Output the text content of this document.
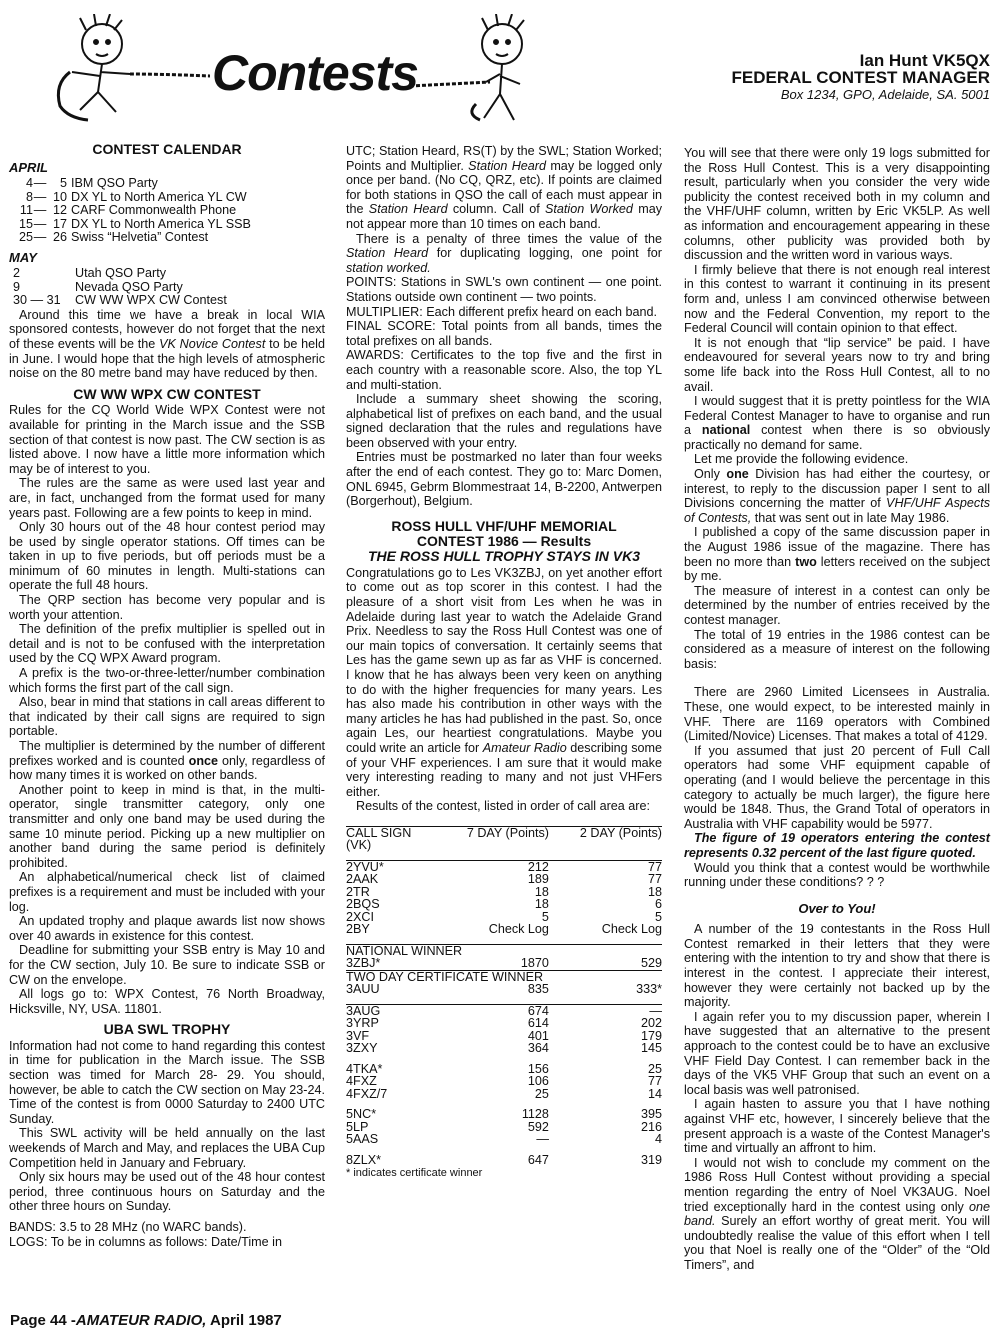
Contests	Ian Hunt VK5QX
FEDERAL CONTEST MANAGER
Box 1234, GPO, Adelaide, SA. 5001
CONTEST CALENDAR
APRIL
4 —	5 IBM QSO Party
8 — 10 DX YL to North America YL CW
11 — 12 CARF Commonwealth Phone
15 — 17 DX YL to North America YL SSB
25 — 26 Swiss “Helvetia” Contest
MAY
2	Utah QSO Party
9	Nevada QSO Party
30 — 31	CW WW WPX CW Contest

Around this time we have a break in local WIA sponsored contests, however do not forget that the next of these events will be the VK Novice Contest to be held in June. I would hope that the high levels of atmospheric noise on the 80 metre band may have reduced by then.

CW WW WPX CW CONTEST

Rules for the CQ World Wide WPX Contest were not available for printing in the March issue and the SSB section of that contest is now past. The CW section is as listed above. I now have a little more information which may be of interest to you.

The rules are the same as were used last year and are, in fact, unchanged from the format used for many years past. Following are a few points to keep in mind.

Only 30 hours out of the 48 hour contest period may be used by single operator stations. Off times can be taken in up to five periods, but off periods must be a minimum of 60 minutes in length. Multi-stations can operate the full 48 hours.

The QRP section has become very popular and is worth your attention.

The definition of the prefix multiplier is spelled out in detail and is not to be confused with the interpretation used by the CQ WPX Award program.

A prefix is the two-or-three-letter/number combination which forms the first part of the call sign.

Also, bear in mind that stations in call areas different to that indicated by their call signs are required to sign portable.

The multiplier is determined by the number of different prefixes worked and is counted once only, regardless of how many times it is worked on other bands.

Another point to keep in mind is that, in the multi-operator, single transmitter category, only one transmitter and only one band may be used during the same 10 minute period. Picking up a new multiplier on another band during the same period is definitely prohibited.

An alphabetical/numerical check list of claimed prefixes is a requirement and must be included with your log.

An updated trophy and plaque awards list now shows over 40 awards in existence for this contest.

Deadline for submitting your SSB entry is May 10 and for the CW section, July 10. Be sure to indicate SSB or CW on the envelope.

All logs go to: WPX Contest, 76 North Broadway, Hicksville, NY, USA. 11801.

UBA SWL TROPHY

Information had not come to hand regarding this contest in time for publication in the March issue. The SSB section was timed for March 28- 29. You should, however, be able to catch the CW section on May 23-24. Time of the contest is from 0000 Saturday to 2400 UTC Sunday.

This SWL activity will be held annually on the last weekends of March and May, and replaces the UBA Cup Competition held in January and February.

Only six hours may be used out of the 48 hour contest period, three continuous hours on Saturday and the other three hours on Sunday.

BANDS: 3.5 to 28 MHz (no WARC bands).

LOGS: To be in columns as follows: Date/Time in

UTC; Station Heard, RS(T) by the SWL; Station Worked; Points and Multiplier. Station Heard may be logged only once per band. (No CQ, QRZ, etc). If points are claimed for both stations in QSO the call of each must appear in the Station Heard column. Call of Station Worked may not appear more than 10 times on each band.

There is a penalty of three times the value of the Station Heard for duplicating logging, one point for station worked.

POINTS: Stations in SWL's own continent — one point. Stations outside own continent — two points.

MULTIPLIER: Each different prefix heard on each band.

FINAL SCORE: Total points from all bands, times the total prefixes on all bands.

AWARDS: Certificates to the top five and the first in each country with a reasonable score. Also, the top YL and multi-station.

Include a summary sheet showing the scoring, alphabetical list of prefixes on each band, and the usual signed declaration that the rules and regulations have been observed with your entry.

Entries must be postmarked no later than four weeks after the end of each contest. They go to: Marc Domen, ONL 6945, Gebrm Blommestraat 14, B-2200, Antwerpen (Borgerhout), Belgium.

ROSS HULL VHF/UHF MEMORIAL
CONTEST 1986 — Results
THE ROSS HULL TROPHY STAYS IN VK3

Congratulations go to Les VK3ZBJ, on yet another effort to come out as top scorer in this contest. I had the pleasure of a short visit from Les when he was in Adelaide during last year to watch the Adelaide Grand Prix. Needless to say the Ross Hull Contest was one of our main topics of conversation. It certainly seems that Les has the game sewn up as far as VHF is concerned. I know that he has always been very keen on anything to do with the higher frequencies for many years. Les has also made his contribution in other ways with the many articles he has had published in the past. So, once again Les, our heartiest congratulations. Maybe you could write an article for Amateur Radio describing some of your VHF experiences. I am sure that it would make very interesting reading to many and not just VHFers either.

Results of the contest, listed in order of call area are:

CALL SIGN
(VK)	7 DAY (Points)	2 DAY (Points)

2YVU*	212	77
2AAK	189	77
2TR	18	18
2BQS	18	6
2XCI	5	5
2BY	Check Log	Check Log

NATIONAL WINNER		
3ZBJ*	1870	529
TWO DAY CERTIFICATE WINNER		
3AUU	835	333*

3AUG	674	—
3YRP	614	202
3VF	401	179
3ZXY	364	145

4TKA*	156	25
4FXZ	106	77
4FXZ/7	25	14

5NC*	1128	395
5LP	592	216
5AAS	—	4

8ZLX*	647	319
* indicates certificate winner

You will see that there were only 19 logs submitted for the Ross Hull Contest. This is a very disappointing result, particularly when you consider the very wide publicity the contest received both in my column and the VHF/UHF column, written by Eric VK5LP. As well as information and encouragement appearing in these columns, other publicity was provided both by discussion and the written word in various ways.

I firmly believe that there is not enough real interest in this contest to warrant it continuing in its present form and, unless I am convinced otherwise between now and the Federal Convention, my report to the Federal Council will contain opinion to that effect.

It is not enough that “lip service” be paid. I have endeavoured for several years now to try and bring some life back into the Ross Hull Contest, all to no avail.

I would suggest that it is pretty pointless for the WIA Federal Contest Manager to have to organise and run a national contest when there is so obviously practically no demand for same.

Let me provide the following evidence.

Only one Division has had either the courtesy, or interest, to reply to the discussion paper I sent to all Divisions concerning the matter of VHF/UHF Aspects of Contests, that was sent out in late May 1986.

I published a copy of the same discussion paper in the August 1986 issue of the magazine. There has been no more than two letters received on the subject by me.

The measure of interest in a contest can only be determined by the number of entries received by the contest manager.

The total of 19 entries in the 1986 contest can be considered as a measure of interest on the following basis:

There are 2960 Limited Licensees in Australia. These, one would expect, to be interested mainly in VHF. There are 1169 operators with Combined (Limited/Novice) Licenses. That makes a total of 4129.

If you assumed that just 20 percent of Full Call operators had some VHF equipment capable of operating (and I would believe the percentage in this category to actually be much larger), the figure here would be 1848. Thus, the Grand Total of operators in Australia with VHF capability would be 5977.

The figure of 19 operators entering the contest represents 0.32 percent of the last figure quoted.

Would you think that a contest would be worthwhile running under these conditions? ? ?

Over to You!

A number of the 19 contestants in the Ross Hull Contest remarked in their letters that they were entering with the intention to try and show that there is interest in the contest. I appreciate their interest, however they were certainly not backed up by the majority.

I again refer you to my discussion paper, wherein I have suggested that an alternative to the present approach to the contest could be to have an exclusive VHF Field Day Contest. I can remember back in the days of the VK5 VHF Group that such an event on a local basis was well patronised.

I again hasten to assure you that I have nothing against VHF etc, however, I sincerely believe that the present approach is a waste of the Contest Manager's time and virtually an affront to him.

I would not wish to conclude my comment on the 1986 Ross Hull Contest without providing a special mention regarding the entry of Noel VK3AUG. Noel tried exceptionally hard in the contest using only one band. Surely an effort worthy of great merit. You will undoubtedly realise the value of this effort when I tell you that Noel is really one of the “Older” of the “Old Timers”, and

Page 44 -AMATEUR RADIO, April 1987
